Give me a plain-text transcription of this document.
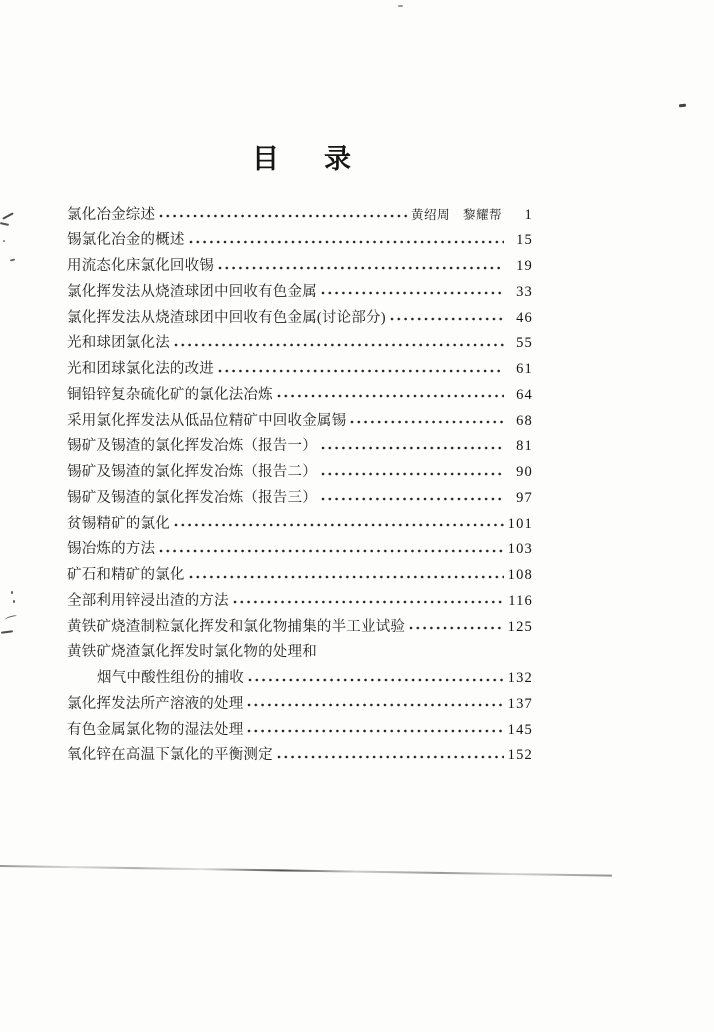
目　录
氯化冶金综述	黄绍周　黎耀帮	1
锡氯化冶金的概述	15
用流态化床氯化回收锡	19
氯化挥发法从烧渣球团中回收有色金属	33
氯化挥发法从烧渣球团中回收有色金属(讨论部分)	46
光和球团氯化法	55
光和团球氯化法的改进	61
铜铅锌复杂硫化矿的氯化法冶炼	64
采用氯化挥发法从低品位精矿中回收金属锡	68
锡矿及锡渣的氯化挥发冶炼（报告一）	81
锡矿及锡渣的氯化挥发冶炼（报告二）	90
锡矿及锡渣的氯化挥发冶炼（报告三）	97
贫锡精矿的氯化	101
锡冶炼的方法	103
矿石和精矿的氯化	108
全部利用锌浸出渣的方法	116
黄铁矿烧渣制粒氯化挥发和氯化物捕集的半工业试验	125
黄铁矿烧渣氯化挥发时氯化物的处理和
烟气中酸性组份的捕收	132
氯化挥发法所产溶液的处理	137
有色金属氯化物的湿法处理	145
氧化锌在高温下氯化的平衡测定	152
